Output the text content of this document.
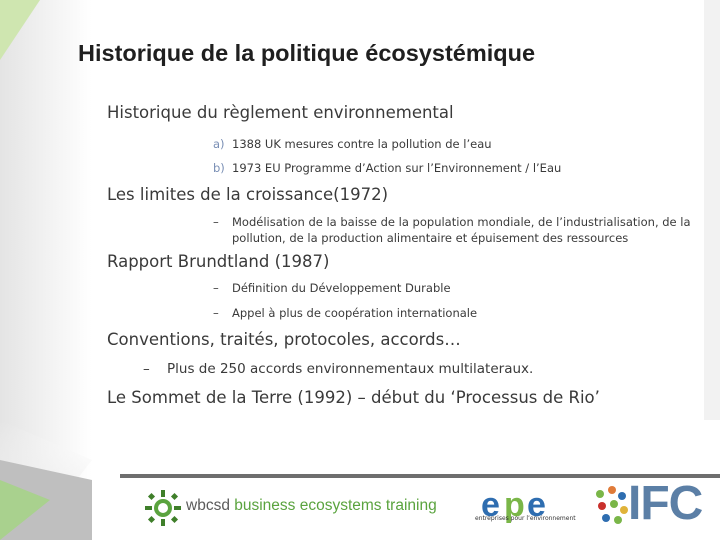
Historique de la politique écosystémique
Historique du règlement environnemental
a) 1388 UK mesures contre la pollution de l’eau
b) 1973 EU Programme d’Action sur l’Environnement / l’Eau
Les limites de la croissance(1972)
–	Modélisation de la baisse de la population mondiale, de l’industrialisation, de la pollution, de la production alimentaire et épuisement des ressources
Rapport Brundtland (1987)
–	Définition du Développement Durable
–	Appel à plus de coopération internationale
Conventions, traités, protocoles, accords…
– Plus de 250 accords environnementaux multilateraux.
Le Sommet de la Terre (1992) – début du ‘Processus de Rio’
wbcsd business ecosystems training e p e
entreprises pour l’environnement IFC
